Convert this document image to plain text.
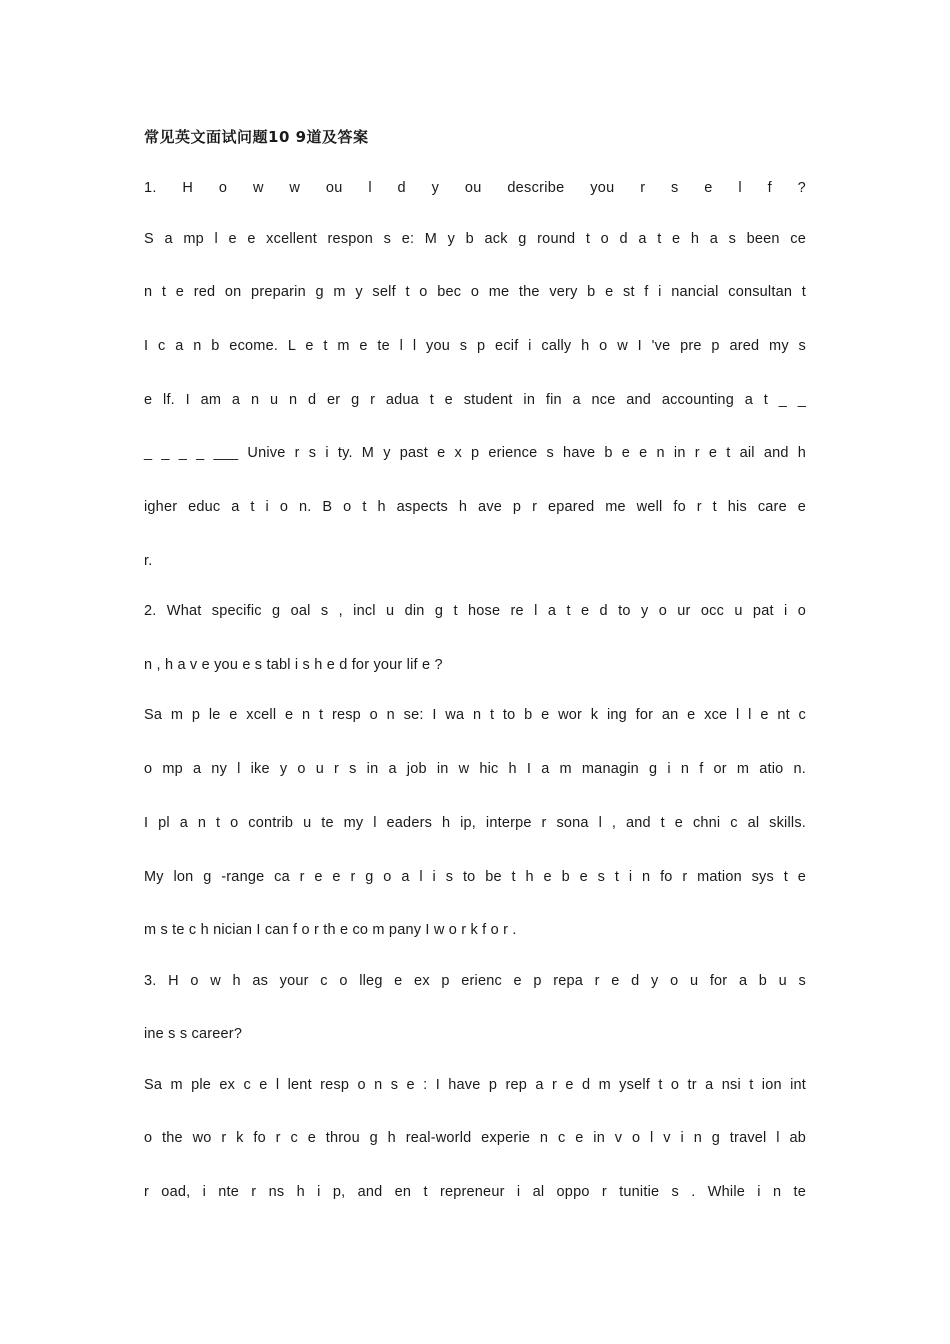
常见英文面试问题10 9道及答案
1. H o w w ou l d y ou describe you r s e l f ?
S a mp l e e xcellent respon s e: M y b ack g round t o d a t e h a s been ce
n t e red on preparin g m y self t o bec o me the very b e st f i nancial consultan t
I c a n b ecome. L e t m e te l l you s p ecif i cally h o w I 've pre p ared my s
e lf. I am a n u n d er g r adua t e student in fin a nce and accounting a t _ _
_ _ _ _ ___ Unive r s i ty. M y past e x p erience s have b e e n in r e t ail and h
igher educ a t i o n. B o t h aspects h ave p r epared me well fo r t his care e
r.
2. What specific g oal s , incl u din g t hose re l a t e d to y o ur occ u pat i o
n , h a v e you e s tabl i s h e d for your lif e ?
Sa m p le e xcell e n t resp o n se: I wa n t to b e wor k ing for an e xce l l e nt c
o mp a ny l ike y o u r s in a job in w hic h I a m managin g i n f or m atio n.
I pl a n t o contrib u te my l eaders h ip, interpe r sona l , and t e chni c al skills.
My lon g -range ca r e e r g o a l i s to be t h e b e s t i n fo r mation sys t e
m s te c h nician I can f o r th e co m pany I w o r k f o r .
3. H o w h as your c o lleg e ex p erienc e p repa r e d y o u for a b u s
ine s s career?
Sa m ple ex c e l lent resp o n s e : I have p rep a r e d m yself t o tr a nsi t ion int
o the wo r k fo r c e throu g h real-world experie n c e in v o l v i n g travel l ab
r oad, i nte r ns h i p, and en t repreneur i al oppo r tunitie s . While i n te
